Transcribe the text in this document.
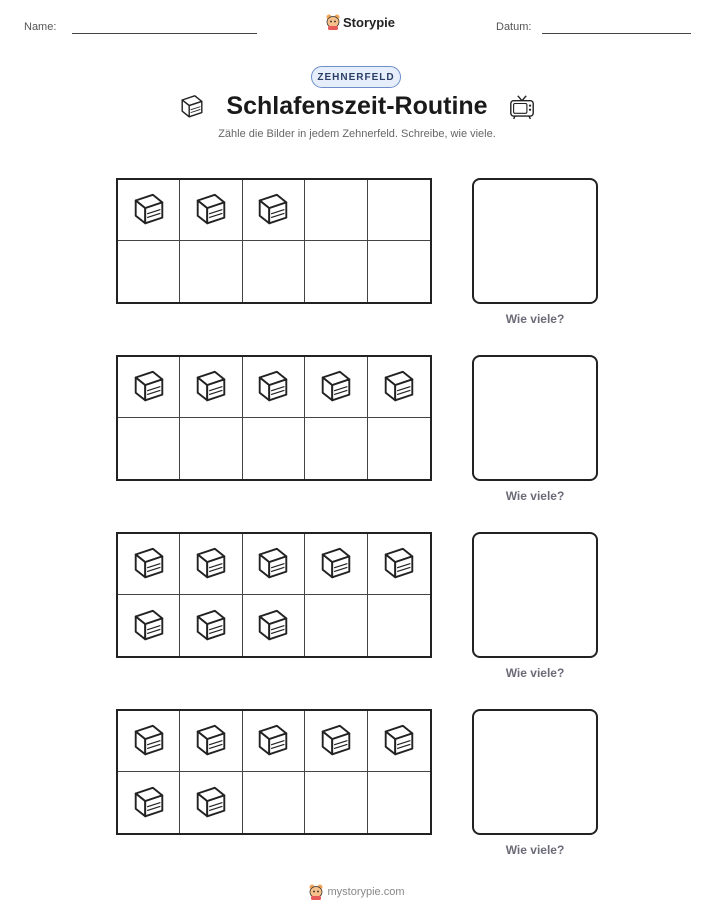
Name:	Storypie	Datum:
ZEHNERFELD
Schlafenszeit-Routine
Zähle die Bilder in jedem Zehnerfeld. Schreibe, wie viele.
Wie viele?
Wie viele?
Wie viele?
Wie viele?
mystorypie.com
